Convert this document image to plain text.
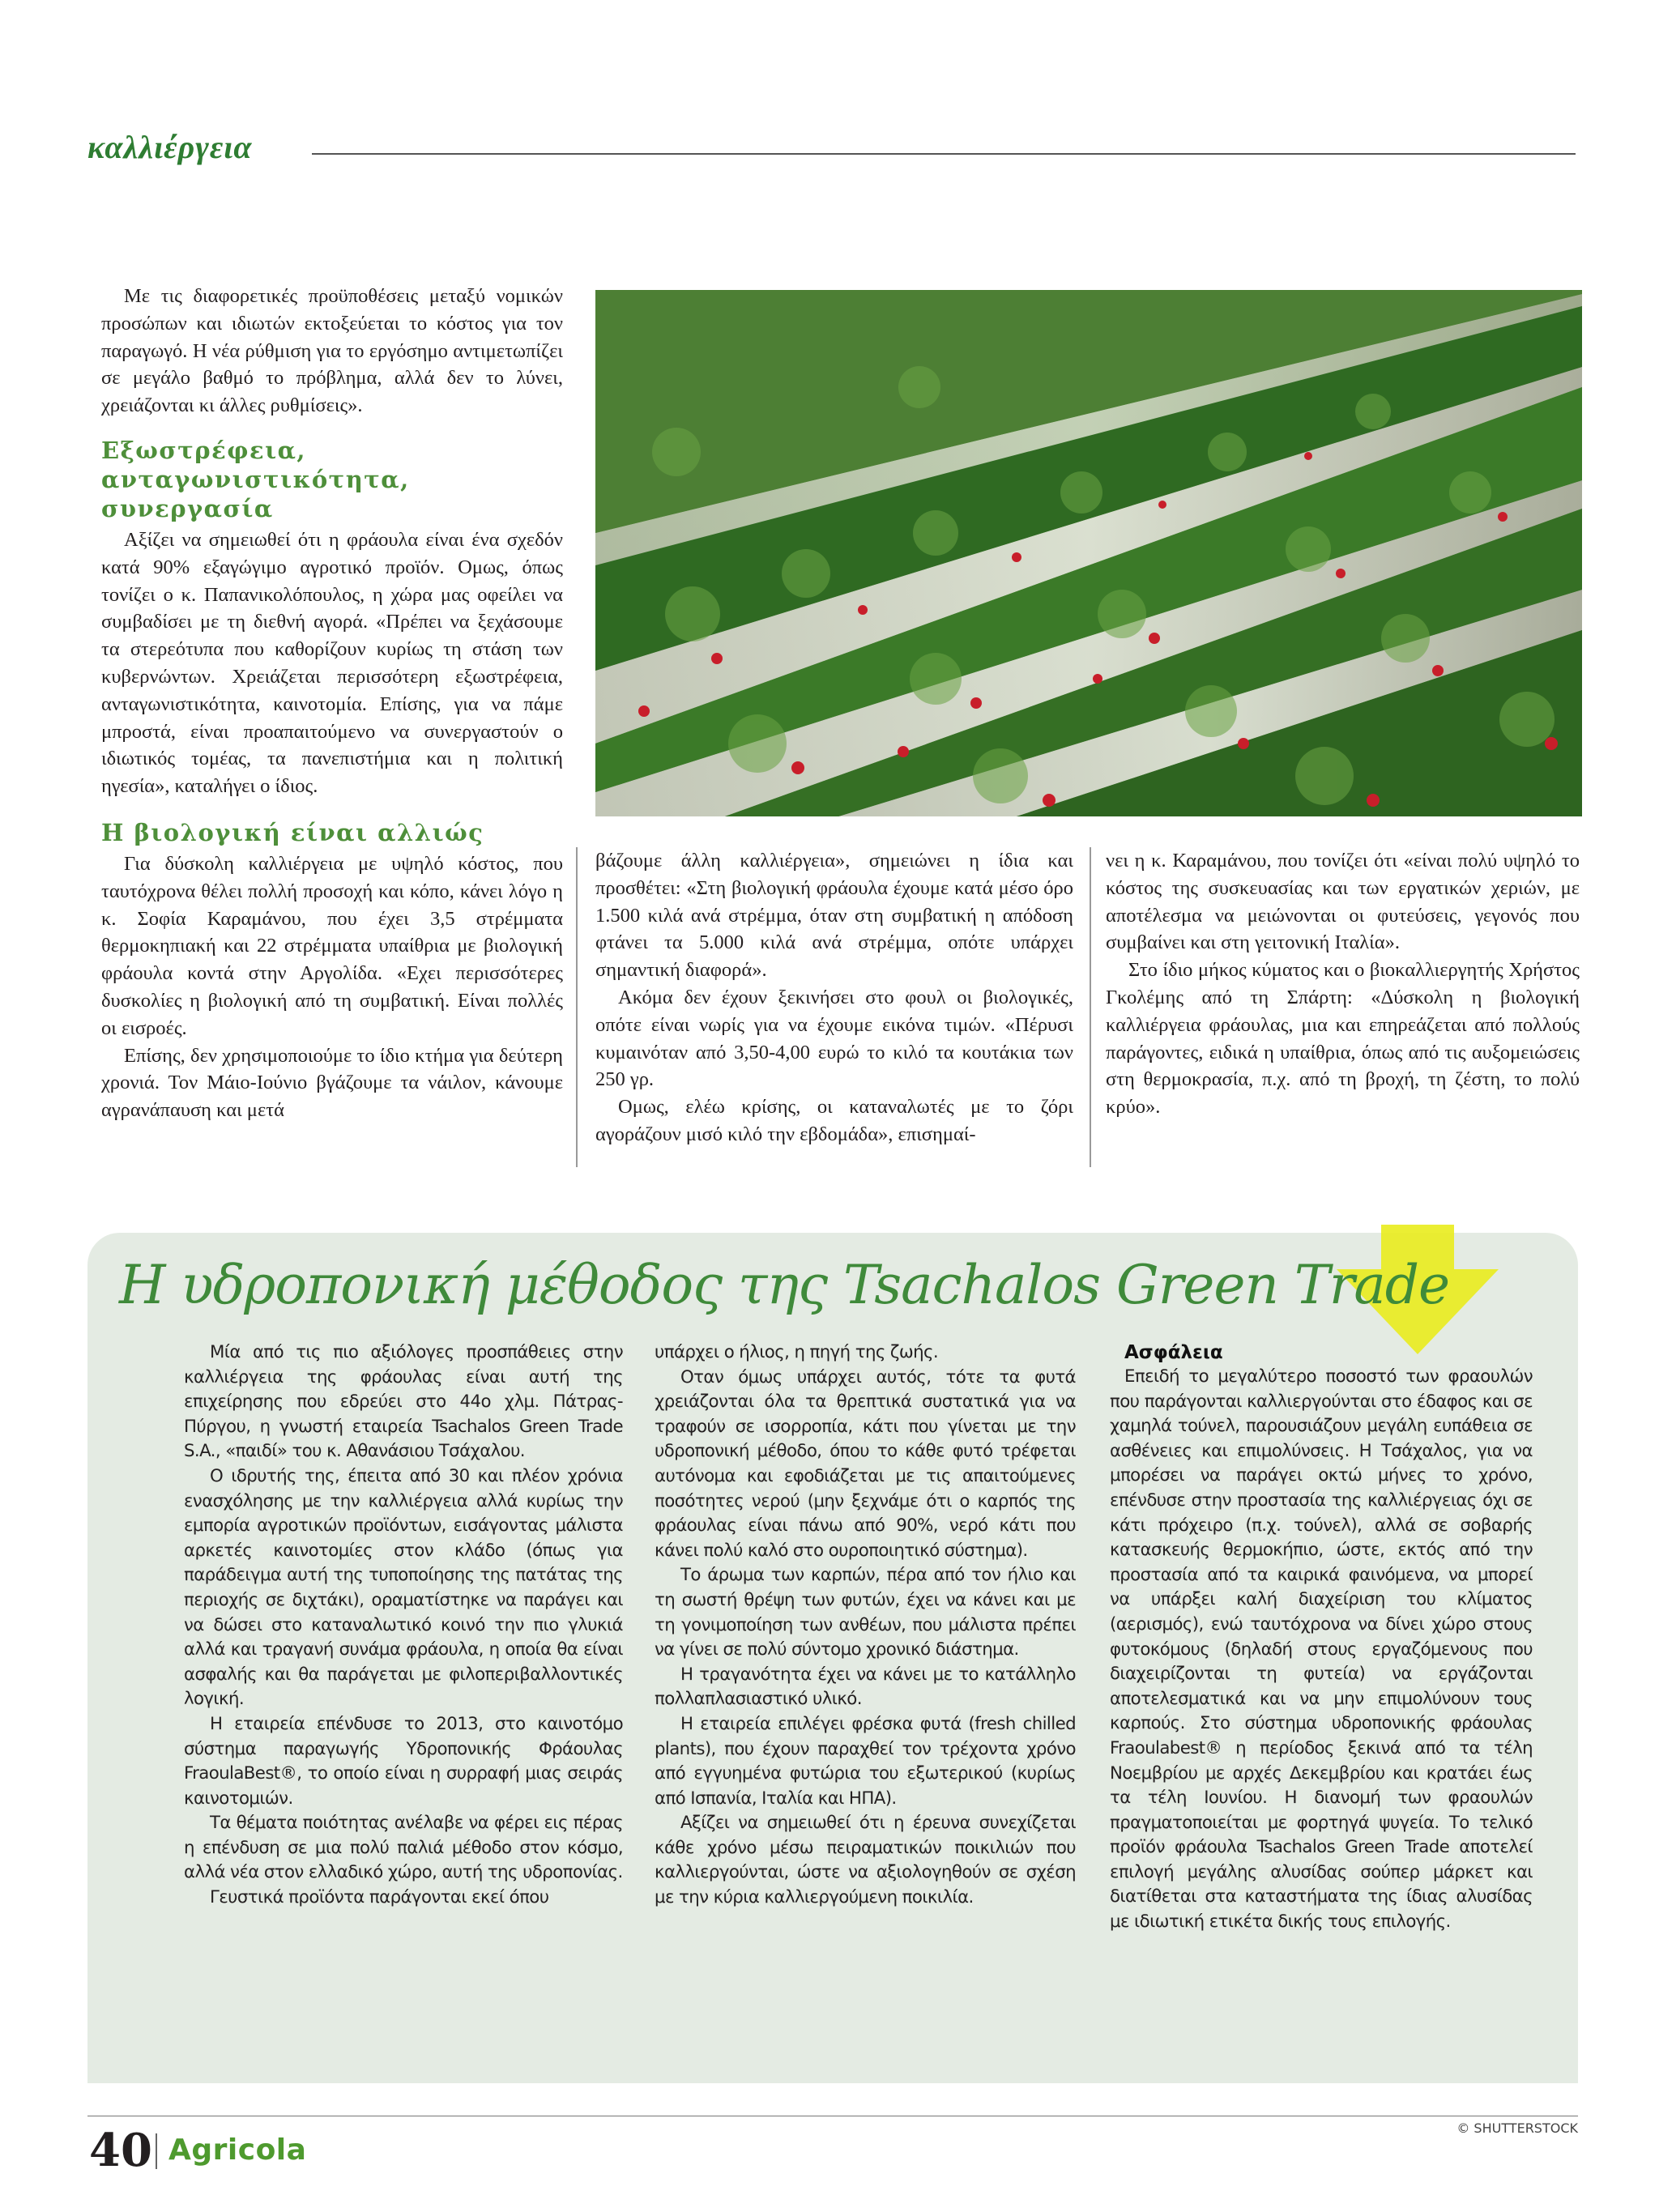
καλλιέργεια

Με τις διαφορετικές προϋποθέσεις μεταξύ νομικών προσώπων και ιδιωτών εκτοξεύεται το κόστος για τον παραγωγό. Η νέα ρύθμιση για το εργόσημο αντιμετωπίζει σε μεγάλο βαθμό το πρόβλημα, αλλά δεν το λύνει, χρειάζονται κι άλλες ρυθμίσεις».

Εξωστρέφεια, ανταγωνιστικότητα, συνεργασία

Αξίζει να σημειωθεί ότι η φράουλα είναι ένα σχεδόν κατά 90% εξαγώγιμο αγροτικό προϊόν. Ομως, όπως τονίζει ο κ. Παπανικολόπουλος, η χώρα μας οφείλει να συμβαδίσει με τη διεθνή αγορά. «Πρέπει να ξεχάσουμε τα στερεότυπα που καθορίζουν κυρίως τη στάση των κυβερνώντων. Χρειάζεται περισσότερη εξωστρέφεια, ανταγωνιστικότητα, καινοτομία. Επίσης, για να πάμε μπροστά, είναι προαπαιτούμενο να συνεργαστούν ο ιδιωτικός τομέας, τα πανεπιστήμια και η πολιτική ηγεσία», καταλήγει ο ίδιος.

Η βιολογική είναι αλλιώς

Για δύσκολη καλλιέργεια με υψηλό κόστος, που ταυτόχρονα θέλει πολλή προσοχή και κόπο, κάνει λόγο η κ. Σοφία Καραμάνου, που έχει 3,5 στρέμματα θερμοκηπιακή και 22 στρέμματα υπαίθρια με βιολογική φράουλα κοντά στην Αργολίδα. «Εχει περισσότερες δυσκολίες η βιολογική από τη συμβατική. Είναι πολλές οι εισροές.

Επίσης, δεν χρησιμοποιούμε το ίδιο κτήμα για δεύτερη χρονιά. Τον Μάιο-Ιούνιο βγάζουμε τα νάιλον, κάνουμε αγρανάπαυση και μετά

βάζουμε άλλη καλλιέργεια», σημειώνει η ίδια και προσθέτει: «Στη βιολογική φράουλα έχουμε κατά μέσο όρο 1.500 κιλά ανά στρέμμα, όταν στη συμβατική η απόδοση φτάνει τα 5.000 κιλά ανά στρέμμα, οπότε υπάρχει σημαντική διαφορά».

Ακόμα δεν έχουν ξεκινήσει στο φουλ οι βιολογικές, οπότε είναι νωρίς για να έχουμε εικόνα τιμών. «Πέρυσι κυμαινόταν από 3,50-4,00 ευρώ το κιλό τα κουτάκια των 250 γρ.

Ομως, ελέω κρίσης, οι καταναλωτές με το ζόρι αγοράζουν μισό κιλό την εβδομάδα», επισημαί-

νει η κ. Καραμάνου, που τονίζει ότι «είναι πολύ υψηλό το κόστος της συσκευασίας και των εργατικών χεριών, με αποτέλεσμα να μειώνονται οι φυτεύσεις, γεγονός που συμβαίνει και στη γειτονική Ιταλία».

Στο ίδιο μήκος κύματος και ο βιοκαλλιεργητής Χρήστος Γκολέμης από τη Σπάρτη: «Δύσκολη η βιολογική καλλιέργεια φράουλας, μια και επηρεάζεται από πολλούς παράγοντες, ειδικά η υπαίθρια, όπως από τις αυξομειώσεις στη θερμοκρασία, π.χ. από τη βροχή, τη ζέστη, το πολύ κρύο».

Η υδροπονική μέθοδος της Tsachalos Green Trade

Μία από τις πιο αξιόλογες προσπάθειες στην καλλιέργεια της φράουλας είναι αυτή της επιχείρησης που εδρεύει στο 44ο χλμ. Πάτρας-Πύργου, η γνωστή εταιρεία Tsachalos Green Trade S.A., «παιδί» του κ. Αθανάσιου Τσάχαλου.

Ο ιδρυτής της, έπειτα από 30 και πλέον χρόνια ενασχόλησης με την καλλιέργεια αλλά κυρίως την εμπορία αγροτικών προϊόντων, εισάγοντας μάλιστα αρκετές καινοτομίες στον κλάδο (όπως για παράδειγμα αυτή της τυποποίησης της πατάτας της περιοχής σε διχτάκι), οραματίστηκε να παράγει και να δώσει στο καταναλωτικό κοινό την πιο γλυκιά αλλά και τραγανή συνάμα φράουλα, η οποία θα είναι ασφαλής και θα παράγεται με φιλοπεριβαλλοντικές λογική.

Η εταιρεία επένδυσε το 2013, στο καινοτόμο σύστημα παραγωγής Υδροπονικής Φράουλας FraoulaBest®, το οποίο είναι η συρραφή μιας σειράς καινοτομιών.

Τα θέματα ποιότητας ανέλαβε να φέρει εις πέρας η επένδυση σε μια πολύ παλιά μέθοδο στον κόσμο, αλλά νέα στον ελλαδικό χώρο, αυτή της υδροπονίας.

Γευστικά προϊόντα παράγονται εκεί όπου

υπάρχει ο ήλιος, η πηγή της ζωής.

Οταν όμως υπάρχει αυτός, τότε τα φυτά χρειάζονται όλα τα θρεπτικά συστατικά για να τραφούν σε ισορροπία, κάτι που γίνεται με την υδροπονική μέθοδο, όπου το κάθε φυτό τρέφεται αυτόνομα και εφοδιάζεται με τις απαιτούμενες ποσότητες νερού (μην ξεχνάμε ότι ο καρπός της φράουλας είναι πάνω από 90%, νερό κάτι που κάνει πολύ καλό στο ουροποιητικό σύστημα).

Το άρωμα των καρπών, πέρα από τον ήλιο και τη σωστή θρέψη των φυτών, έχει να κάνει και με τη γονιμοποίηση των ανθέων, που μάλιστα πρέπει να γίνει σε πολύ σύντομο χρονικό διάστημα.

Η τραγανότητα έχει να κάνει με το κατάλληλο πολλαπλασιαστικό υλικό.

Η εταιρεία επιλέγει φρέσκα φυτά (fresh chilled plants), που έχουν παραχθεί τον τρέχοντα χρόνο από εγγυημένα φυτώρια του εξωτερικού (κυρίως από Ισπανία, Ιταλία και ΗΠΑ).

Αξίζει να σημειωθεί ότι η έρευνα συνεχίζεται κάθε χρόνο μέσω πειραματικών ποικιλιών που καλλιεργούνται, ώστε να αξιολογηθούν σε σχέση με την κύρια καλλιεργούμενη ποικιλία.

Ασφάλεια

Επειδή το μεγαλύτερο ποσοστό των φραουλών που παράγονται καλλιεργούνται στο έδαφος και σε χαμηλά τούνελ, παρουσιάζουν μεγάλη ευπάθεια σε ασθένειες και επιμολύνσεις. Η Τσάχαλος, για να μπορέσει να παράγει οκτώ μήνες το χρόνο, επένδυσε στην προστασία της καλλιέργειας όχι σε κάτι πρόχειρο (π.χ. τούνελ), αλλά σε σοβαρής κατασκευής θερμοκήπιο, ώστε, εκτός από την προστασία από τα καιρικά φαινόμενα, να μπορεί να υπάρξει καλή διαχείριση του κλίματος (αερισμός), ενώ ταυτόχρονα να δίνει χώρο στους φυτοκόμους (δηλαδή στους εργαζόμενους που διαχειρίζονται τη φυτεία) να εργάζονται αποτελεσματικά και να μην επιμολύνουν τους καρπούς. Στο σύστημα υδροπονικής φράουλας Fraoulabest® η περίοδος ξεκινά από τα τέλη Νοεμβρίου με αρχές Δεκεμβρίου και κρατάει έως τα τέλη Ιουνίου. Η διανομή των φραουλών πραγματοποιείται με φορτηγά ψυγεία. Το τελικό προϊόν φράουλα Tsachalos Green Trade αποτελεί επιλογή μεγάλης αλυσίδας σούπερ μάρκετ και διατίθεται στα καταστήματα της ίδιας αλυσίδας με ιδιωτική ετικέτα δικής τους επιλογής.

© SHUTTERSTOCK
40 Agricola
